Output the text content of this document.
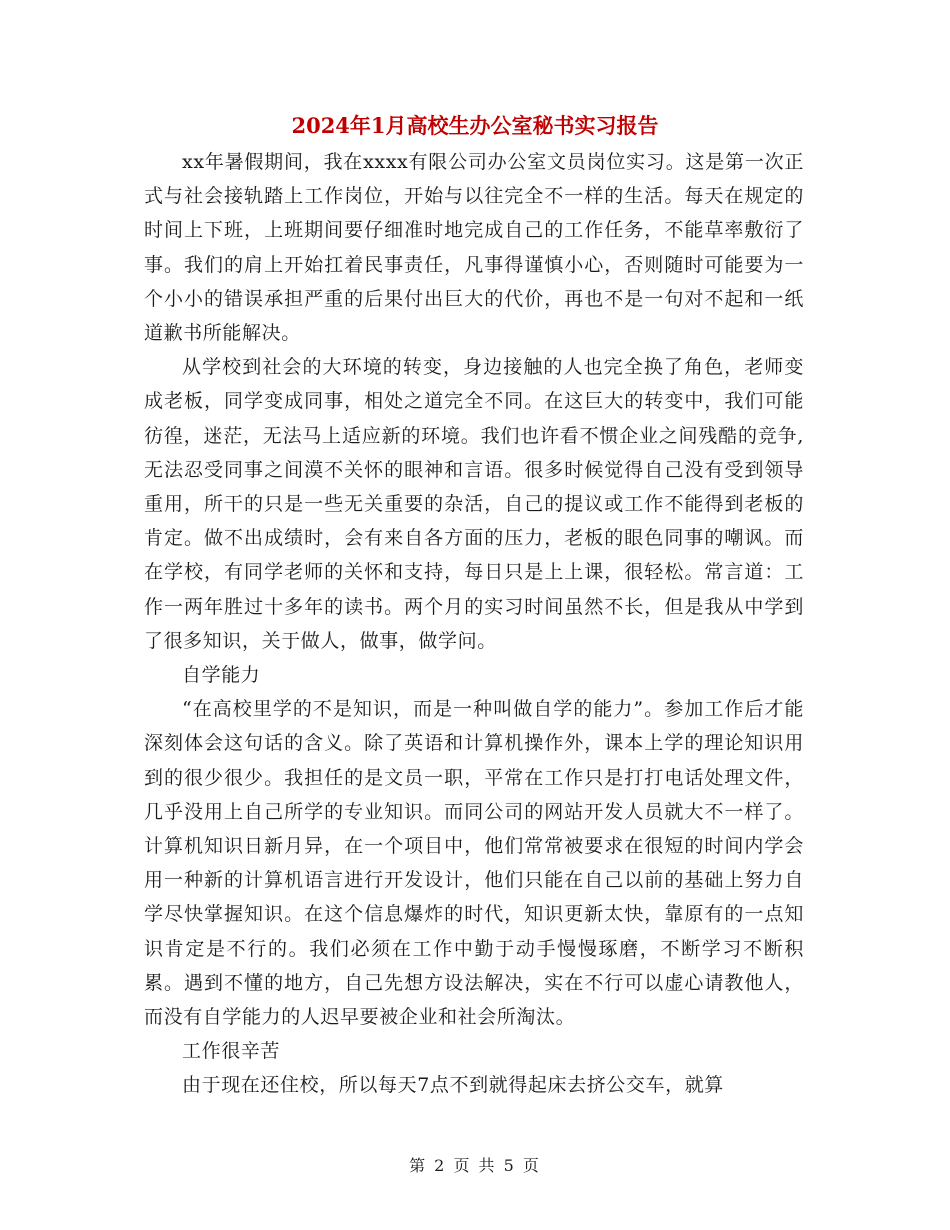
2024年1月高校生办公室秘书实习报告

xx年暑假期间，我在xxxx有限公司办公室文员岗位实习。这是第一次正式与社会接轨踏上工作岗位，开始与以往完全不一样的生活。每天在规定的时间上下班，上班期间要仔细准时地完成自己的工作任务，不能草率敷衍了事。我们的肩上开始扛着民事责任，凡事得谨慎小心，否则随时可能要为一个小小的错误承担严重的后果付出巨大的代价，再也不是一句对不起和一纸道歉书所能解决。

从学校到社会的大环境的转变，身边接触的人也完全换了角色，老师变成老板，同学变成同事，相处之道完全不同。在这巨大的转变中，我们可能彷徨，迷茫，无法马上适应新的环境。我们也许看不惯企业之间残酷的竞争,无法忍受同事之间漠不关怀的眼神和言语。很多时候觉得自己没有受到领导重用，所干的只是一些无关重要的杂活，自己的提议或工作不能得到老板的肯定。做不出成绩时，会有来自各方面的压力，老板的眼色同事的嘲讽。而在学校，有同学老师的关怀和支持，每日只是上上课，很轻松。常言道：工作一两年胜过十多年的读书。两个月的实习时间虽然不长，但是我从中学到了很多知识，关于做人，做事，做学问。

自学能力

“在高校里学的不是知识，而是一种叫做自学的能力”。参加工作后才能深刻体会这句话的含义。除了英语和计算机操作外，课本上学的理论知识用到的很少很少。我担任的是文员一职，平常在工作只是打打电话处理文件，几乎没用上自己所学的专业知识。而同公司的网站开发人员就大不一样了。计算机知识日新月异，在一个项目中，他们常常被要求在很短的时间内学会用一种新的计算机语言进行开发设计，他们只能在自己以前的基础上努力自学尽快掌握知识。在这个信息爆炸的时代，知识更新太快，靠原有的一点知识肯定是不行的。我们必须在工作中勤于动手慢慢琢磨，不断学习不断积累。遇到不懂的地方，自己先想方设法解决，实在不行可以虚心请教他人，而没有自学能力的人迟早要被企业和社会所淘汰。

工作很辛苦

由于现在还住校，所以每天7点不到就得起床去挤公交车，就算

第 2 页 共 5 页
